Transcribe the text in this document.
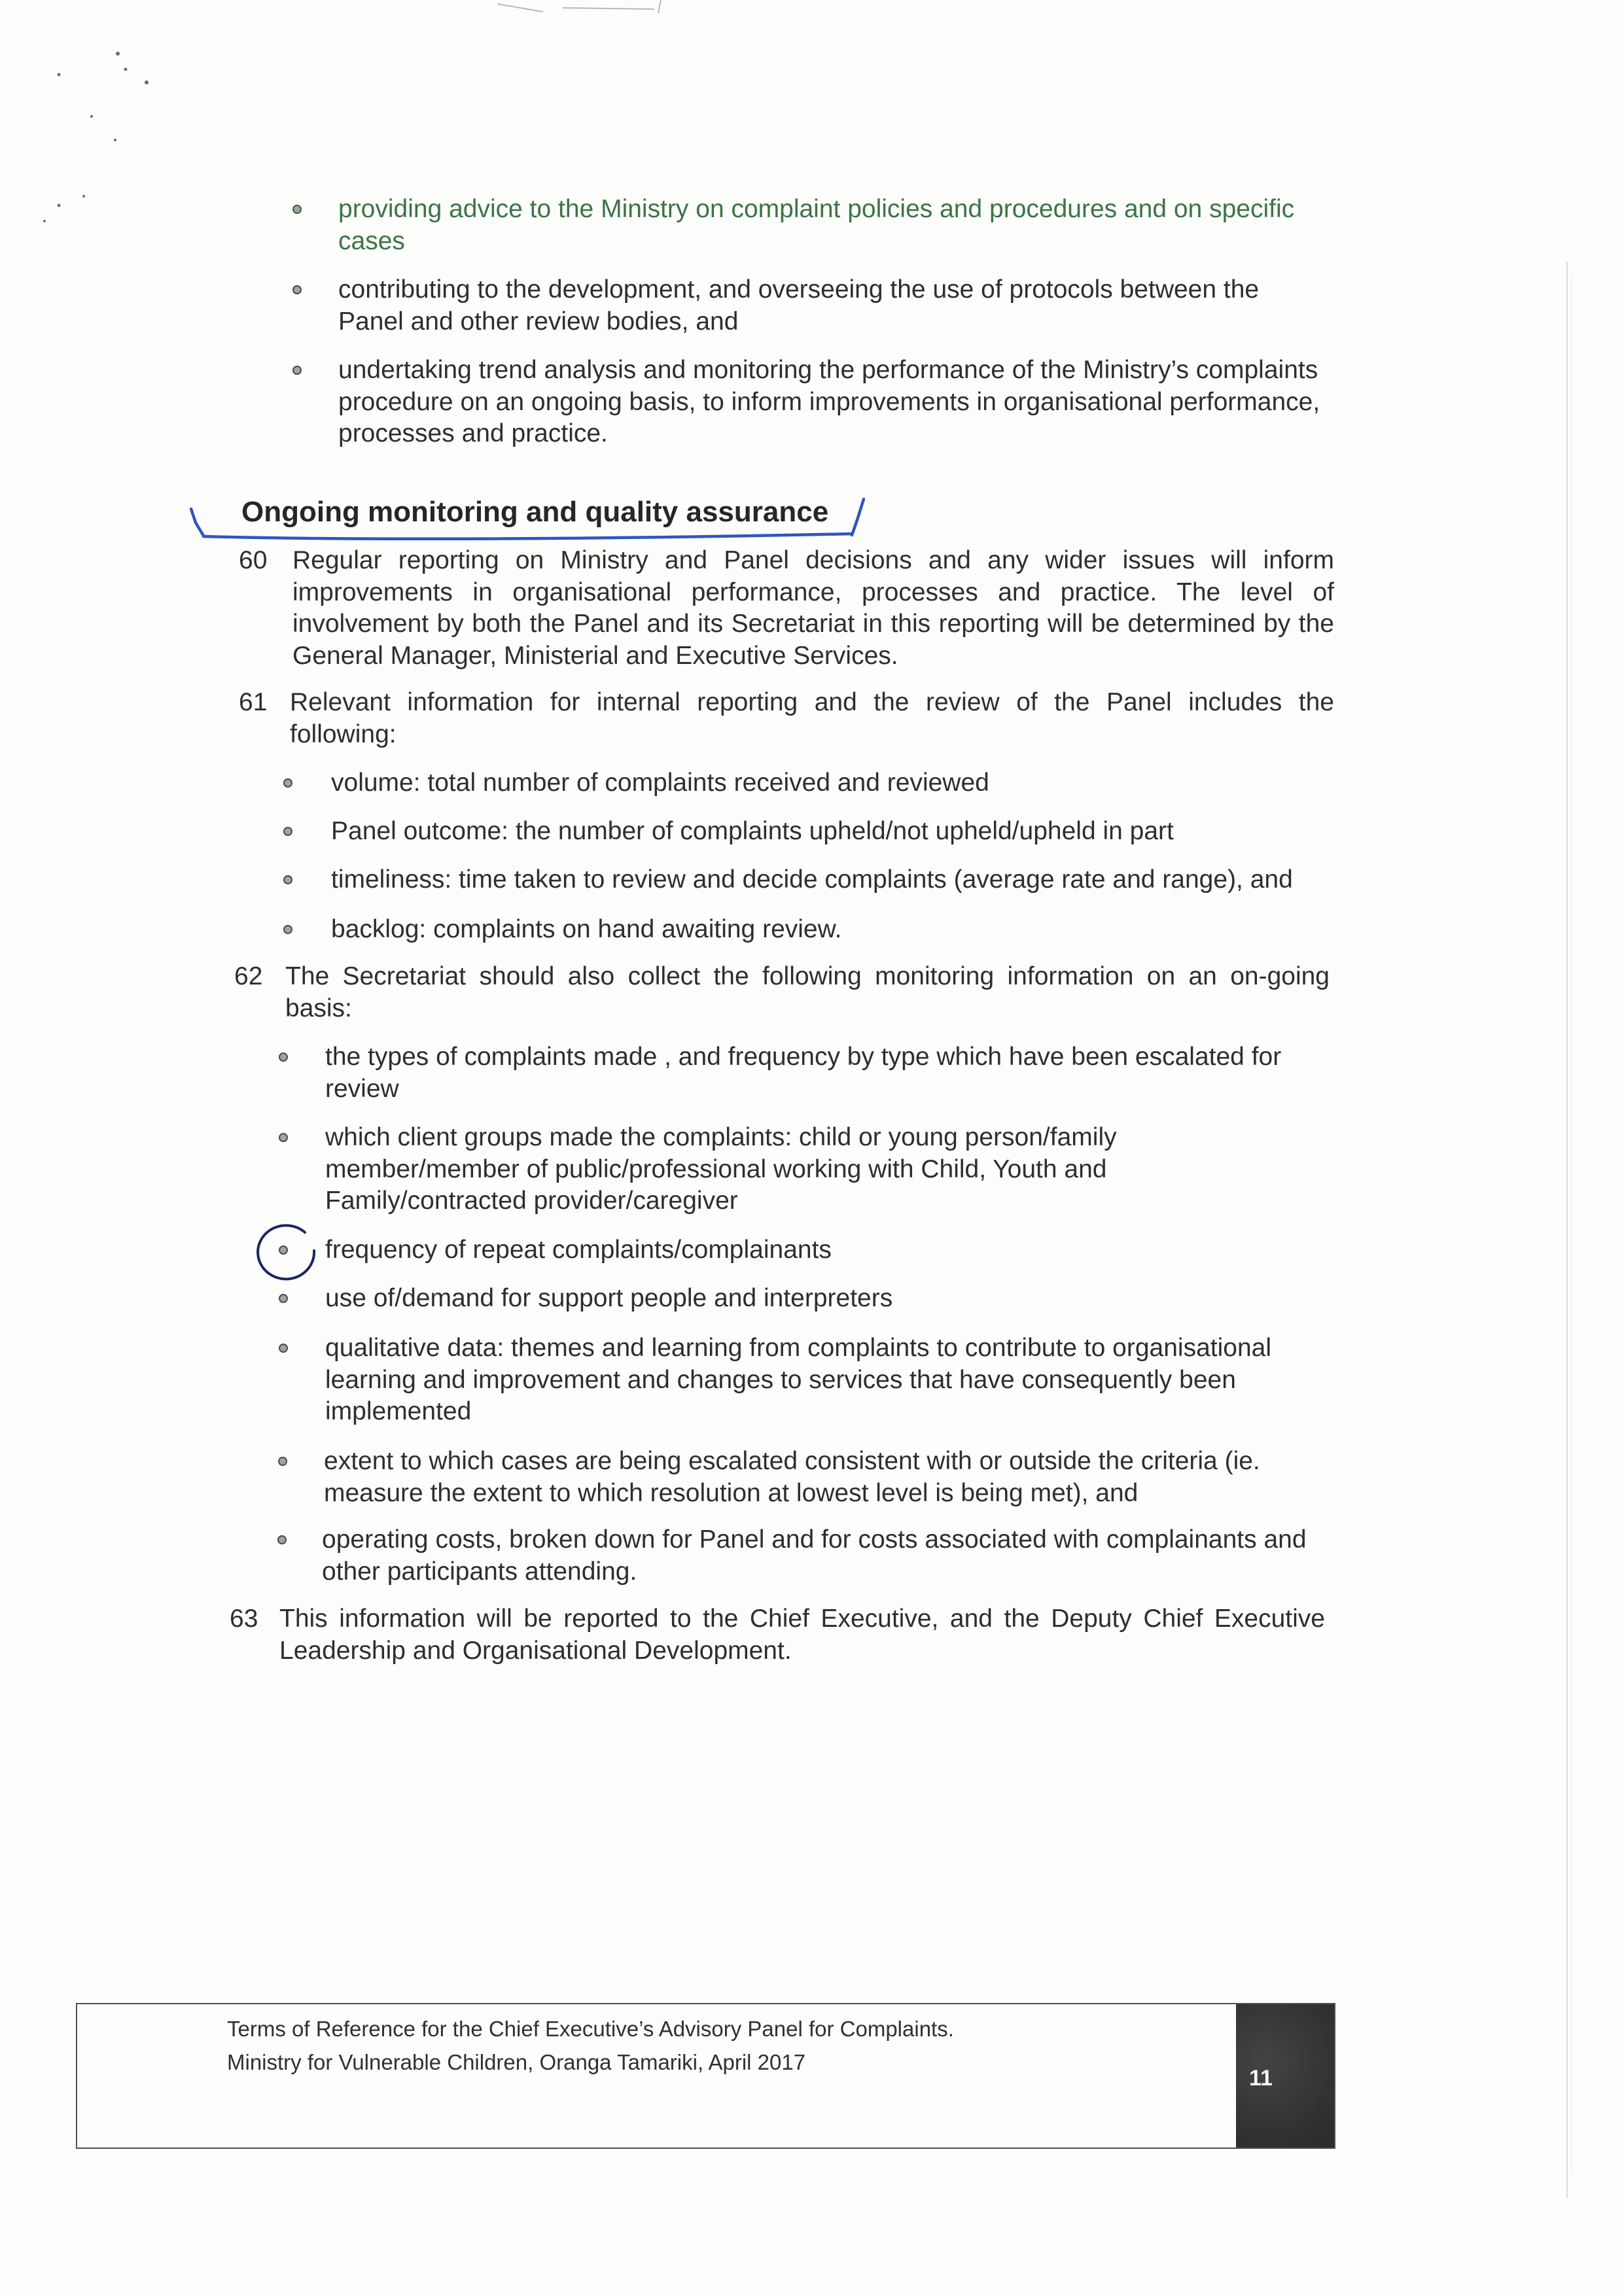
providing advice to the Ministry on complaint policies and procedures and on specific
cases
contributing to the development, and overseeing the use of protocols between the
Panel and other review bodies, and
undertaking trend analysis and monitoring the performance of the Ministry’s complaints
procedure on an ongoing basis, to inform improvements in organisational performance,
processes and practice.
Ongoing monitoring and quality assurance
60 Regular reporting on Ministry and Panel decisions and any wider issues will inform
improvements in organisational performance, processes and practice. The level of
involvement by both the Panel and its Secretariat in this reporting will be determined by the
General Manager, Ministerial and Executive Services.
61 Relevant information for internal reporting and the review of the Panel includes the
following:
volume: total number of complaints received and reviewed
Panel outcome: the number of complaints upheld/not upheld/upheld in part
timeliness: time taken to review and decide complaints (average rate and range), and
backlog: complaints on hand awaiting review.
62 The Secretariat should also collect the following monitoring information on an on-going
basis:
the types of complaints made , and frequency by type which have been escalated for
review
which client groups made the complaints: child or young person/family
member/member of public/professional working with Child, Youth and
Family/contracted provider/caregiver
frequency of repeat complaints/complainants
use of/demand for support people and interpreters
qualitative data: themes and learning from complaints to contribute to organisational
learning and improvement and changes to services that have consequently been
implemented
extent to which cases are being escalated consistent with or outside the criteria (ie.
measure the extent to which resolution at lowest level is being met), and
operating costs, broken down for Panel and for costs associated with complainants and
other participants attending.
63 This information will be reported to the Chief Executive, and the Deputy Chief Executive
Leadership and Organisational Development.
Terms of Reference for the Chief Executive’s Advisory Panel for Complaints.
Ministry for Vulnerable Children, Oranga Tamariki, April 2017
11
